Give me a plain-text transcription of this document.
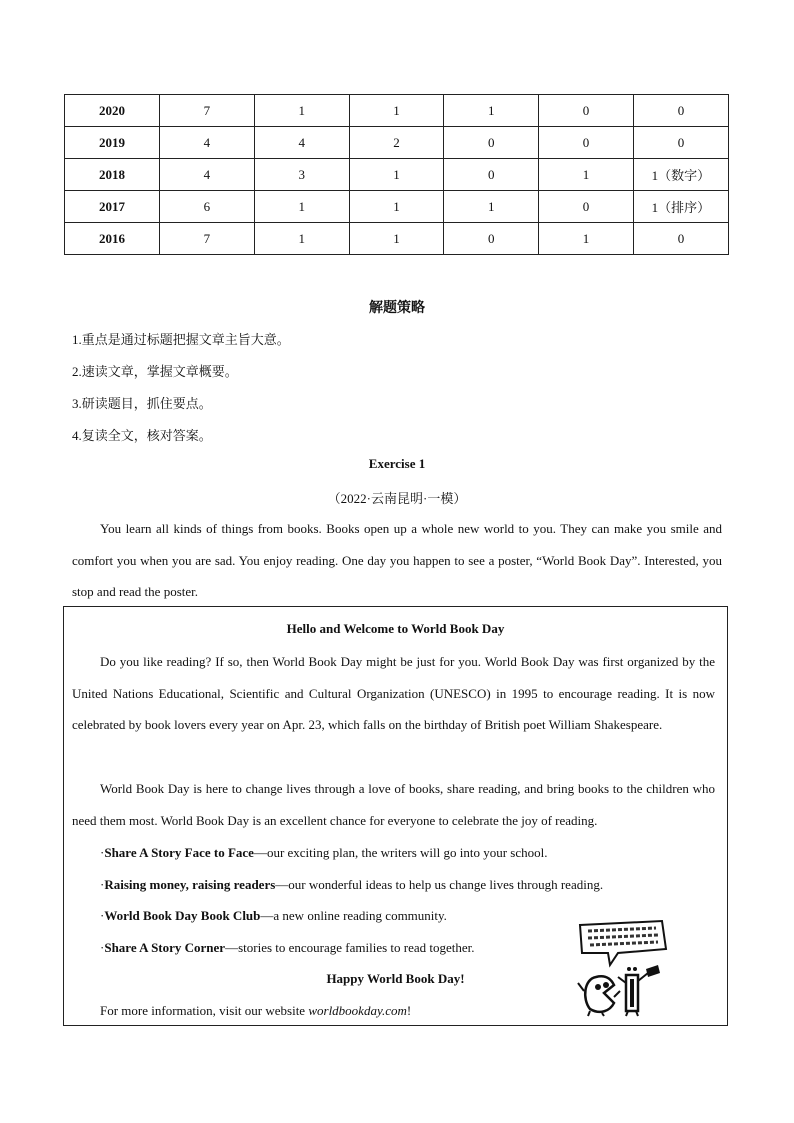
2020	7	1	1	1	0	0
2019	4	4	2	0	0	0
2018	4	3	1	0	1	1（数字）
2017	6	1	1	1	0	1（排序）
2016	7	1	1	0	1	0
解题策略
1.重点是通过标题把握文章主旨大意。
2.速读文章，掌握文章概要。
3.研读题目，抓住要点。
4.复读全文，核对答案。
Exercise 1
（2022·云南昆明·一模）
You learn all kinds of things from books. Books open up a whole new world to you. They can make you smile and comfort you when you are sad. You enjoy reading. One day you happen to see a poster, “World Book Day”. Interested, you stop and read the poster.
Hello and Welcome to World Book Day
Do you like reading? If so, then World Book Day might be just for you. World Book Day was first organized by the United Nations Educational, Scientific and Cultural Organization (UNESCO) in 1995 to encourage reading. It is now celebrated by book lovers every year on Apr. 23, which falls on the birthday of British poet William Shakespeare.
World Book Day is here to change lives through a love of books, share reading, and bring books to the children who need them most. World Book Day is an excellent chance for everyone to celebrate the joy of reading.
·Share A Story Face to Face—our exciting plan, the writers will go into your school.
·Raising money, raising readers—our wonderful ideas to help us change lives through reading.
·World Book Day Book Club—a new online reading community.
·Share A Story Corner—stories to encourage families to read together.
Happy World Book Day!
For more information, visit our website worldbookday.com!
